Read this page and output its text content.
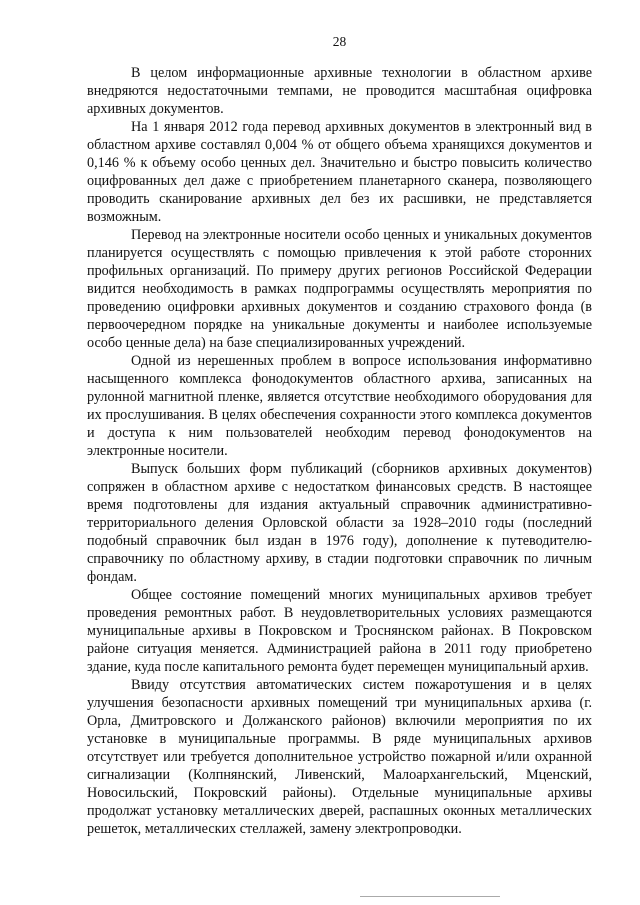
28

В целом информационные архивные технологии в областном архиве внедряются недостаточными темпами, не проводится масштабная оцифровка архивных документов.

На 1 января 2012 года перевод архивных документов в электронный вид в областном архиве составлял 0,004 % от общего объема хранящихся документов и 0,146 % к объему особо ценных дел. Значительно и быстро повысить количество оцифрованных дел даже с приобретением планетарного сканера, позволяющего проводить сканирование архивных дел без их расшивки, не представляется возможным.

Перевод на электронные носители особо ценных и уникальных документов планируется осуществлять с помощью привлечения к этой работе сторонних профильных организаций. По примеру других регионов Российской Федерации видится необходимость в рамках подпрограммы осуществлять мероприятия по проведению оцифровки архивных документов и созданию страхового фонда (в первоочередном порядке на уникальные документы и наиболее используемые особо ценные дела) на базе специализированных учреждений.

Одной из нерешенных проблем в вопросе использования информативно насыщенного комплекса фонодокументов областного архива, записанных на рулонной магнитной пленке, является отсутствие необходимого оборудования для их прослушивания. В целях обеспечения сохранности этого комплекса документов и доступа к ним пользователей необходим перевод фонодокументов на электронные носители.

Выпуск больших форм публикаций (сборников архивных документов) сопряжен в областном архиве с недостатком финансовых средств. В настоящее время подготовлены для издания актуальный справочник административно-территориального деления Орловской области за 1928–2010 годы (последний подобный справочник был издан в 1976 году), дополнение к путеводителю-справочнику по областному архиву, в стадии подготовки справочник по личным фондам.

Общее состояние помещений многих муниципальных архивов требует проведения ремонтных работ. В неудовлетворительных условиях размещаются муниципальные архивы в Покровском и Троснянском районах. В Покровском районе ситуация меняется. Администрацией района в 2011 году приобретено здание, куда после капитального ремонта будет перемещен муниципальный архив.

Ввиду отсутствия автоматических систем пожаротушения и в целях улучшения безопасности архивных помещений три муниципальных архива (г. Орла, Дмитровского и Должанского районов) включили мероприятия по их установке в муниципальные программы. В ряде муниципальных архивов отсутствует или требуется дополнительное устройство пожарной и/или охранной сигнализации (Колпнянский, Ливенский, Малоархангельский, Мценский, Новосильский, Покровский районы). Отдельные муниципальные архивы продолжат установку металлических дверей, распашных оконных металлических решеток, металлических стеллажей, замену электропроводки.
